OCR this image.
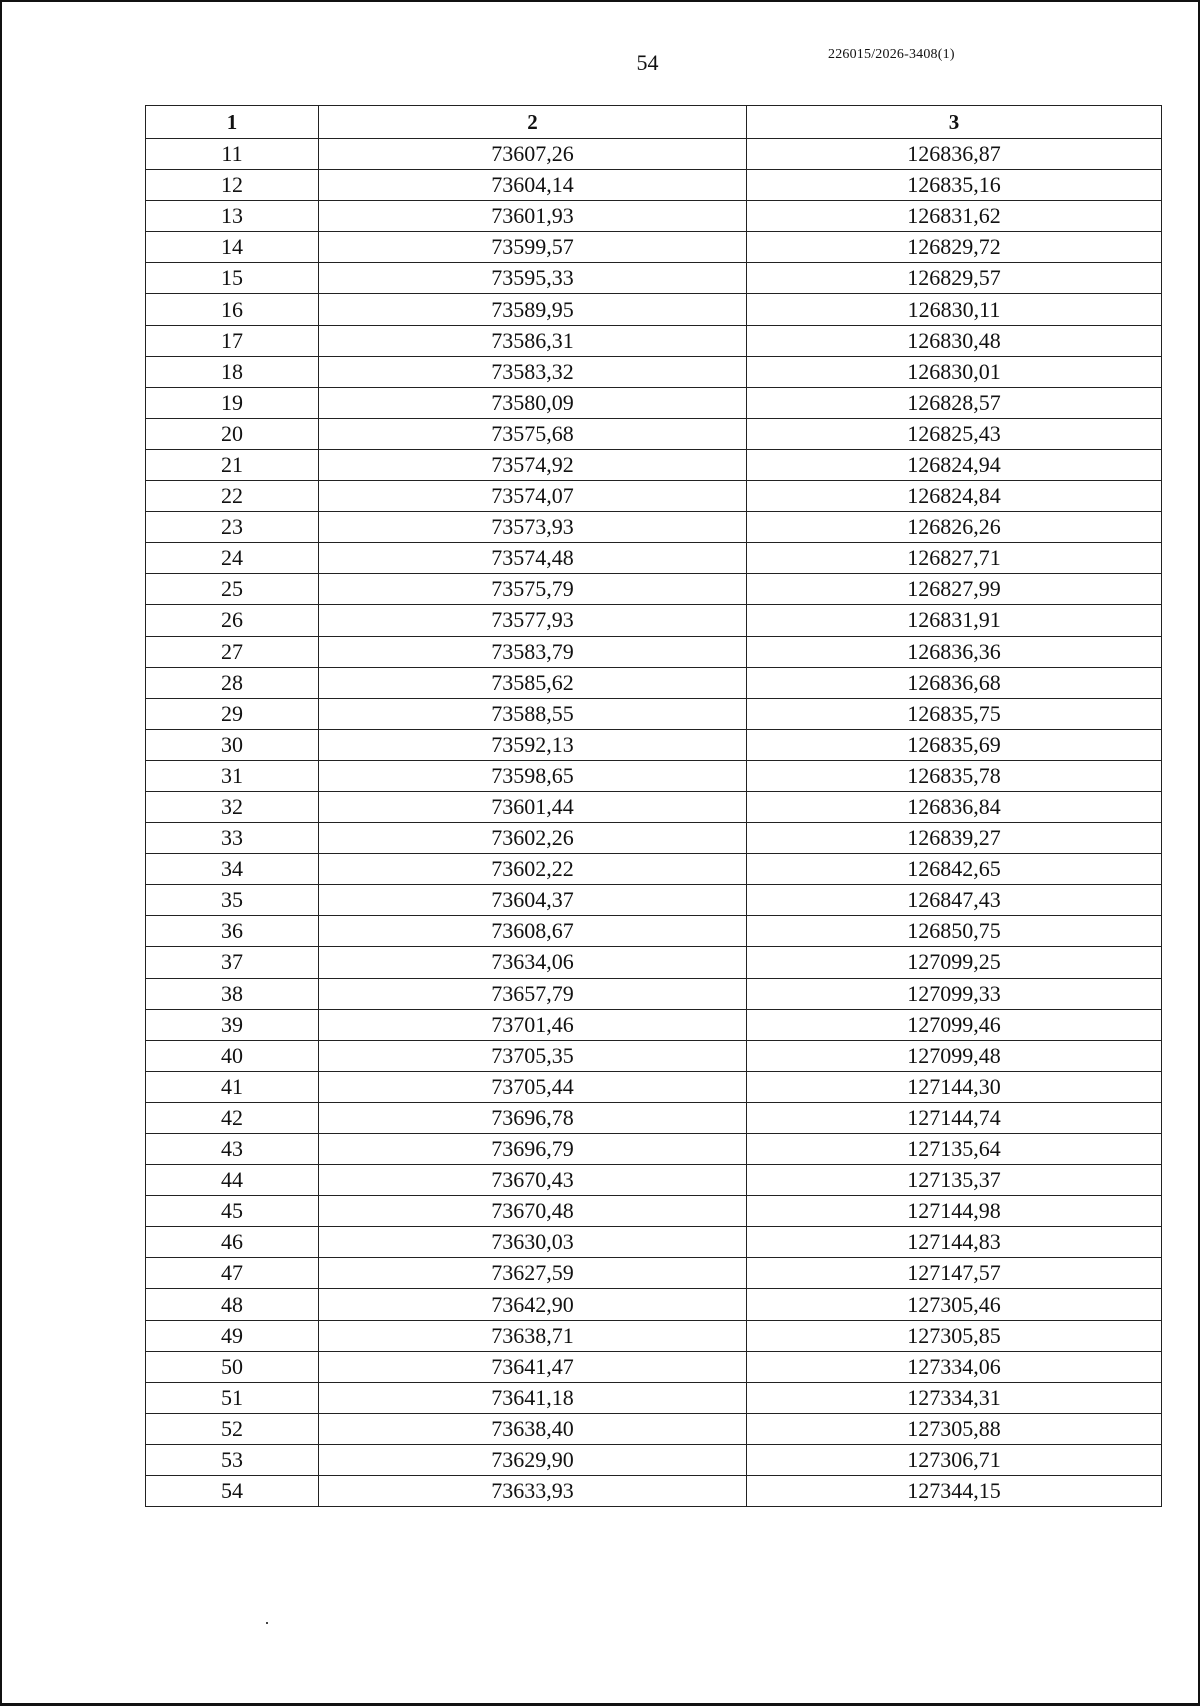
54	226015/2026-3408(1)
1	2	3
11	73607,26	126836,87
12	73604,14	126835,16
13	73601,93	126831,62
14	73599,57	126829,72
15	73595,33	126829,57
16	73589,95	126830,11
17	73586,31	126830,48
18	73583,32	126830,01
19	73580,09	126828,57
20	73575,68	126825,43
21	73574,92	126824,94
22	73574,07	126824,84
23	73573,93	126826,26
24	73574,48	126827,71
25	73575,79	126827,99
26	73577,93	126831,91
27	73583,79	126836,36
28	73585,62	126836,68
29	73588,55	126835,75
30	73592,13	126835,69
31	73598,65	126835,78
32	73601,44	126836,84
33	73602,26	126839,27
34	73602,22	126842,65
35	73604,37	126847,43
36	73608,67	126850,75
37	73634,06	127099,25
38	73657,79	127099,33
39	73701,46	127099,46
40	73705,35	127099,48
41	73705,44	127144,30
42	73696,78	127144,74
43	73696,79	127135,64
44	73670,43	127135,37
45	73670,48	127144,98
46	73630,03	127144,83
47	73627,59	127147,57
48	73642,90	127305,46
49	73638,71	127305,85
50	73641,47	127334,06
51	73641,18	127334,31
52	73638,40	127305,88
53	73629,90	127306,71
54	73633,93	127344,15
